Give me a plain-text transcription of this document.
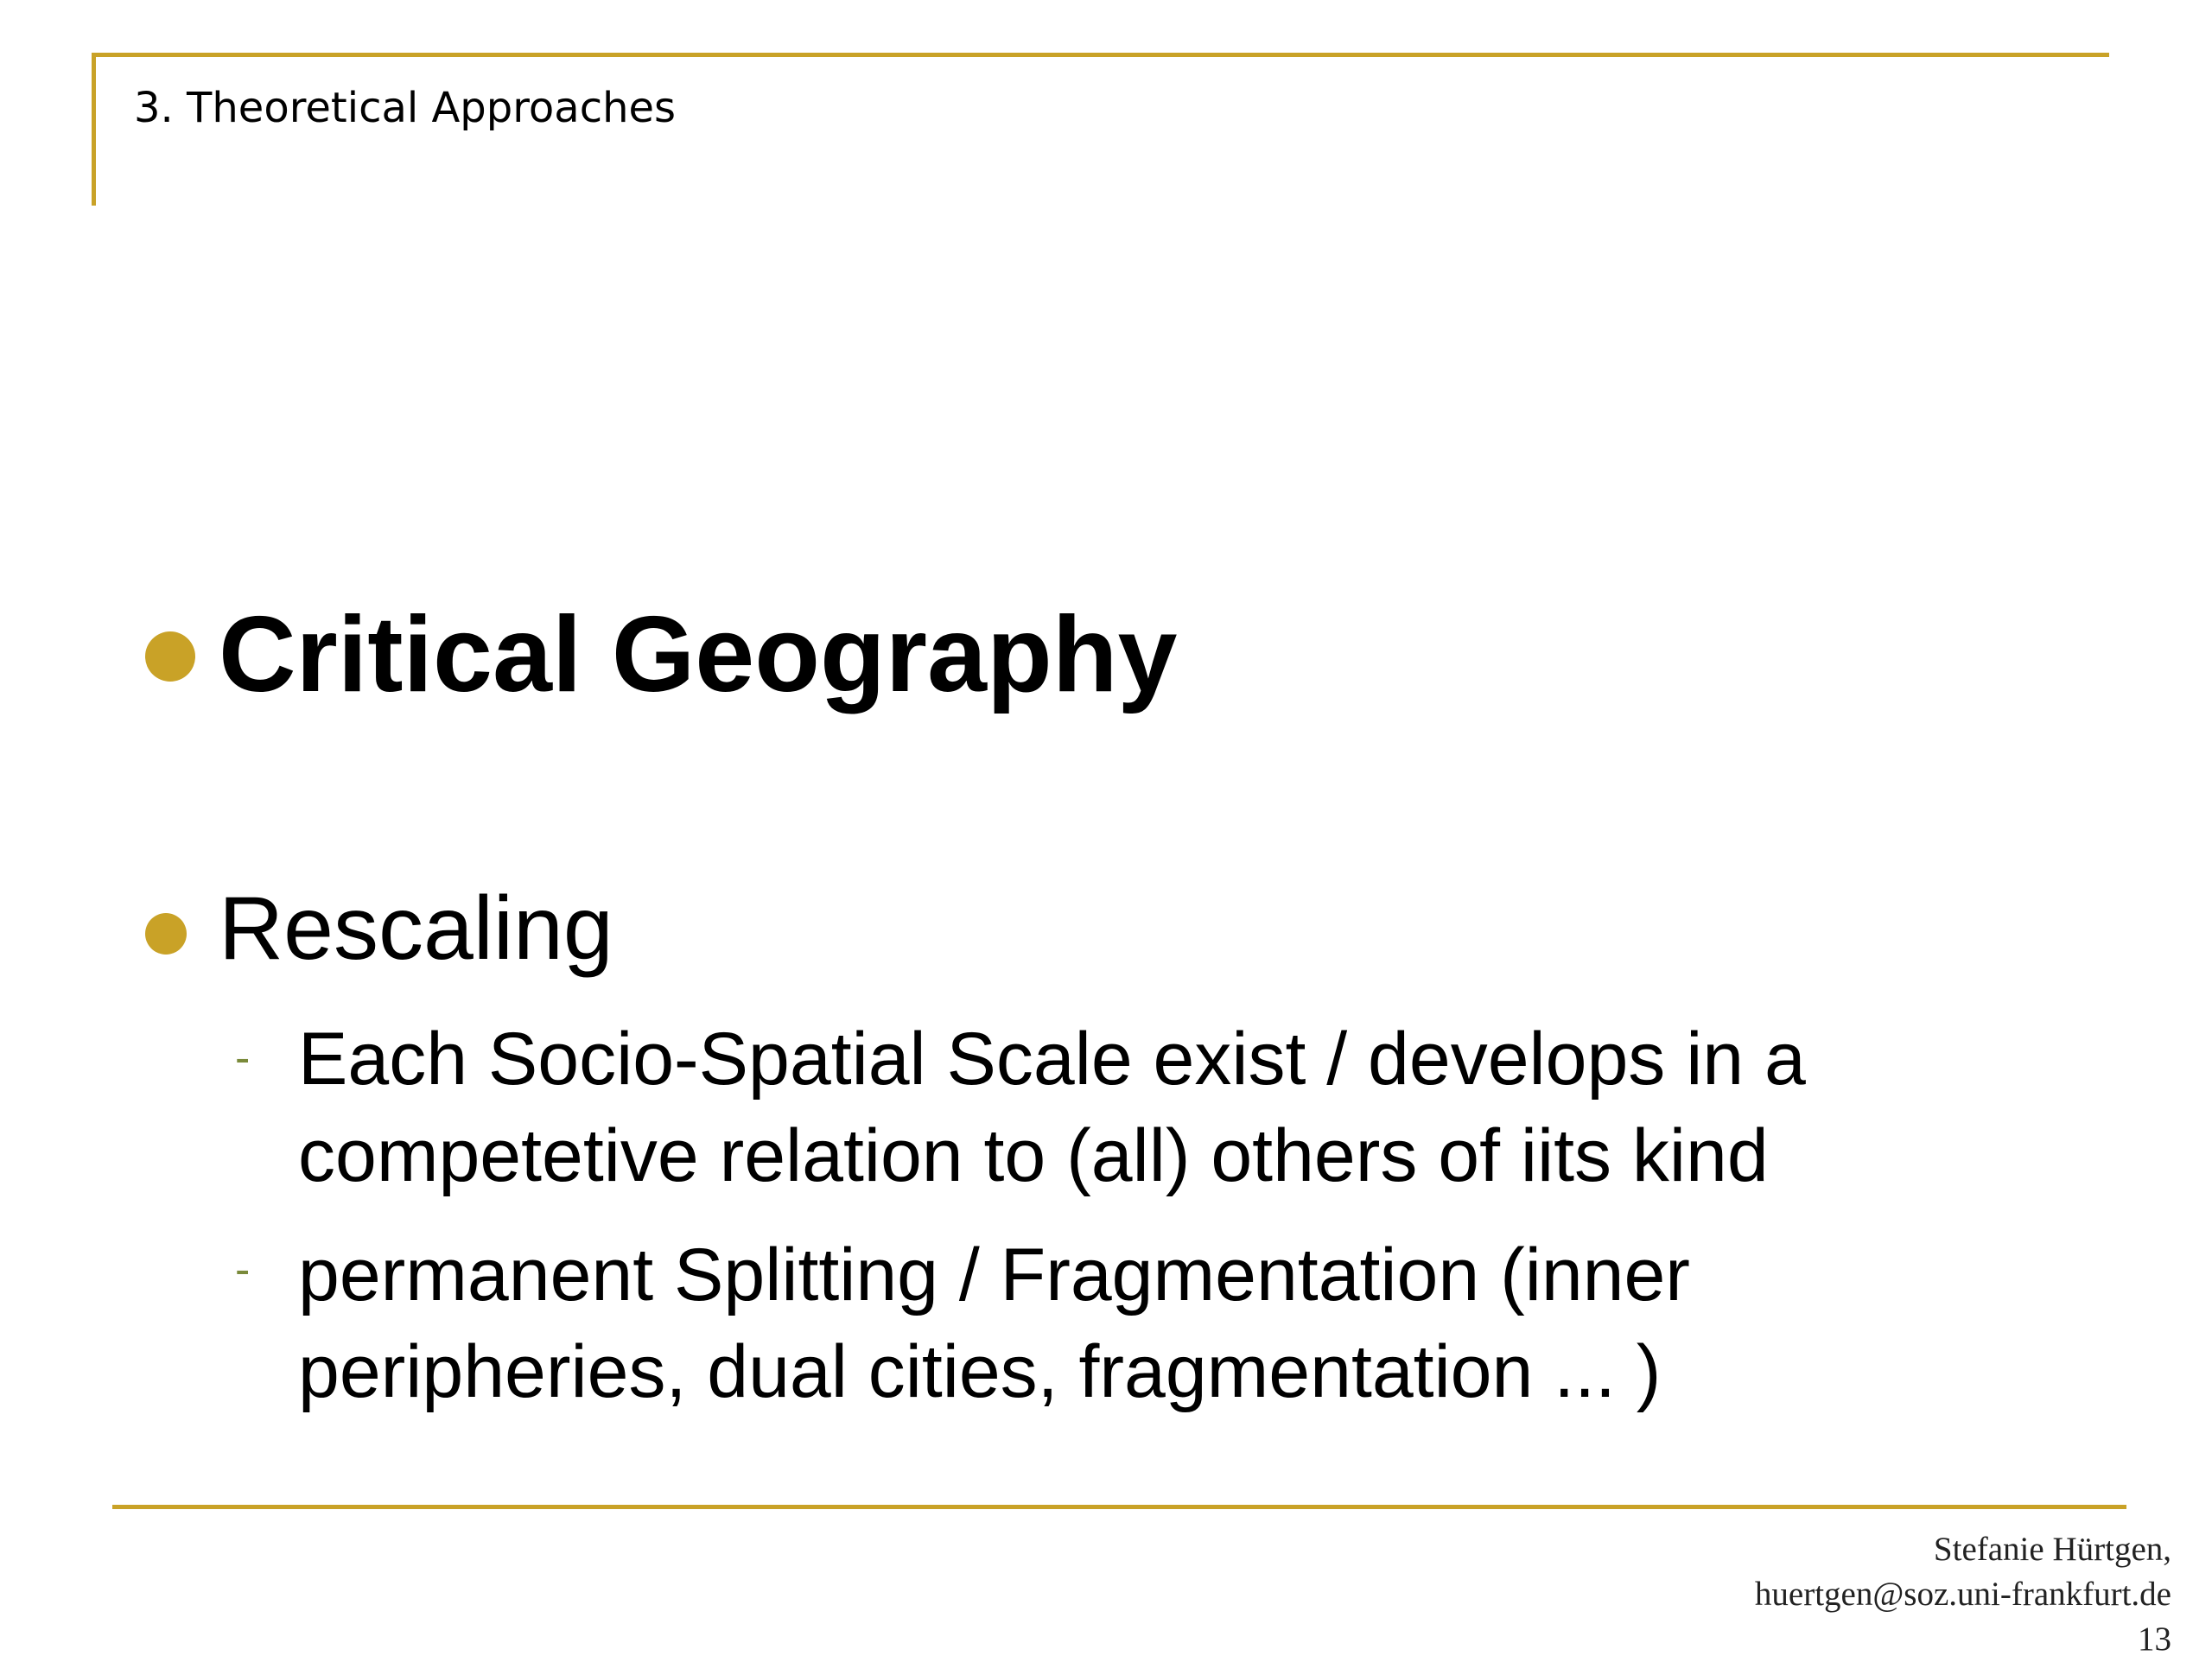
3. Theoretical Approaches
Critical Geography
Rescaling
- Each Socio-Spatial Scale exist / develops in a competetive relation to (all) others of iits kind
- permanent Splitting / Fragmentation (inner peripheries, dual cities, fragmentation ... )
Stefanie Hürtgen,
huertgen@soz.uni-frankfurt.de
13
